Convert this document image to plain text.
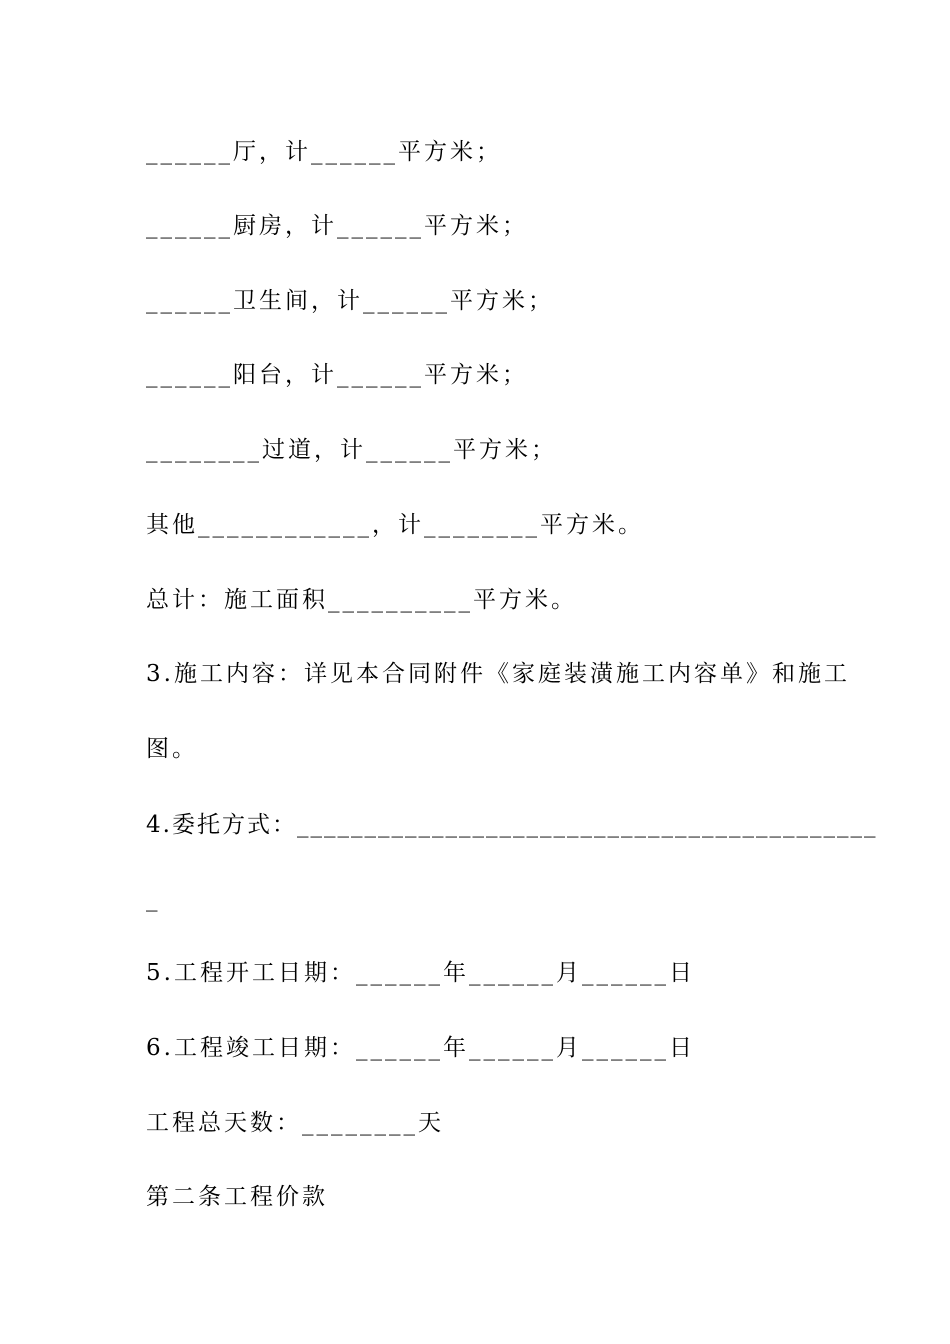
______厅，计______平方米；
______厨房，计______平方米；
______卫生间，计______平方米；
______阳台，计______平方米；
________过道，计______平方米；
其他____________，计________平方米。
总计：施工面积__________平方米。
3.施工内容：详见本合同附件《家庭装潢施工内容单》和施工
图。
4.委托方式：___________________________________________
_
5.工程开工日期：______年______月______日
6.工程竣工日期：______年______月______日
工程总天数：________天
第二条工程价款
